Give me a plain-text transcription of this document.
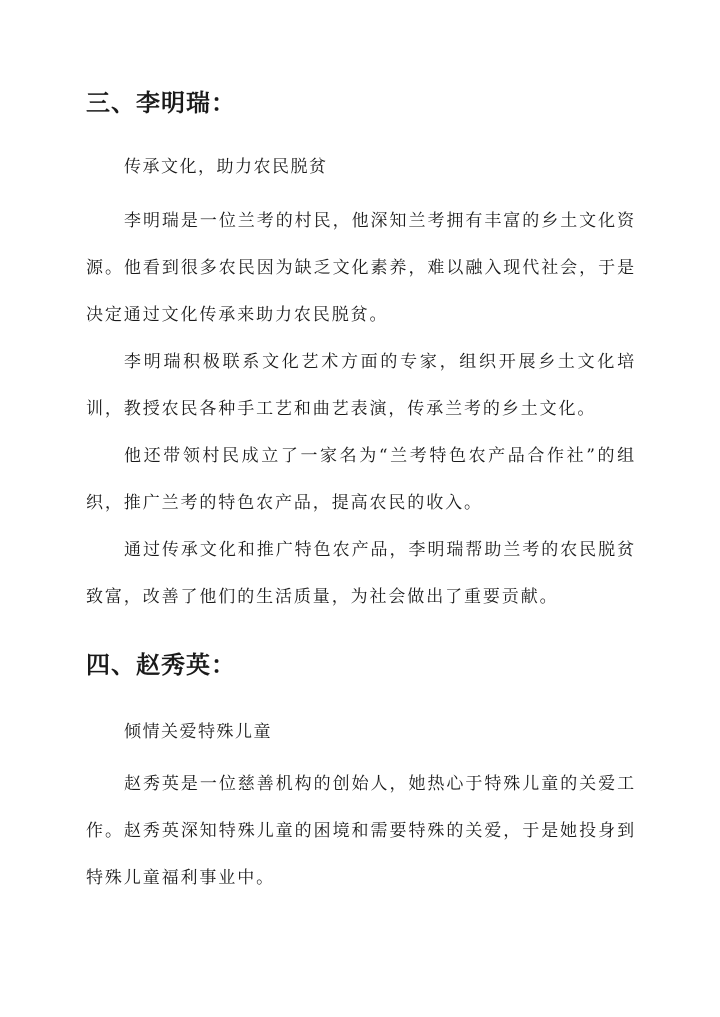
三、李明瑞：
传承文化，助力农民脱贫

李明瑞是一位兰考的村民，他深知兰考拥有丰富的乡土文化资源。他看到很多农民因为缺乏文化素养，难以融入现代社会，于是决定通过文化传承来助力农民脱贫。

李明瑞积极联系文化艺术方面的专家，组织开展乡土文化培训，教授农民各种手工艺和曲艺表演，传承兰考的乡土文化。

他还带领村民成立了一家名为“兰考特色农产品合作社”的组织，推广兰考的特色农产品，提高农民的收入。

通过传承文化和推广特色农产品，李明瑞帮助兰考的农民脱贫致富，改善了他们的生活质量，为社会做出了重要贡献。

四、赵秀英：
倾情关爱特殊儿童

赵秀英是一位慈善机构的创始人，她热心于特殊儿童的关爱工作。赵秀英深知特殊儿童的困境和需要特殊的关爱，于是她投身到特殊儿童福利事业中。
